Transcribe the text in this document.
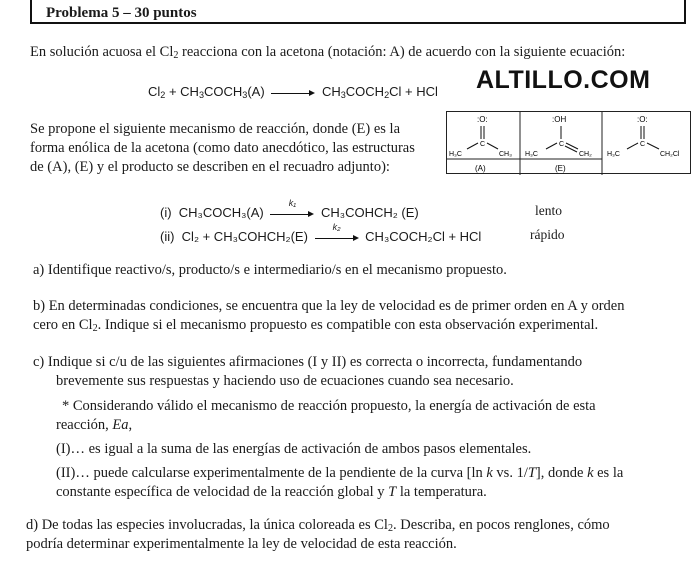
Problema 5 – 30 puntos
En solución acuosa el $Cl_2$ reacciona con la acetona (notación: A) de acuerdo con la siguiente ecuación:
ALTILLO.COM
$Cl_2$ + $CH_3COCH_3(A)$	$CH_3COCH_2Cl$ + HCl
Se propone el siguiente mecanismo de reacción, donde (E) es la
forma enólica de la acetona (como dato anecdótico, las estructuras
de (A), (E) y el producto se describen en el recuadro adjunto):
:O:
C
H₃C	CH₃
(A)
:OH
C
H₃C	CH₂
(E)
:O:
C
H₃C	CH₂Cl
(i) CH₃COCH₃(A)
k₁
CH₃COHCH₂ (E)	lento
(ii) Cl₂ + CH₃COHCH₂(E)
k₂
CH₃COCH₂Cl + HCl	rápido
a) Identifique reactivo/s, producto/s e intermediario/s en el mecanismo propuesto.
b) En determinadas condiciones, se encuentra que la ley de velocidad es de primer orden en A y orden
cero en $Cl_2$. Indique si el mecanismo propuesto es compatible con esta observación experimental.
c) Indique si c/u de las siguientes afirmaciones (I y II) es correcta o incorrecta, fundamentando
brevemente sus respuestas y haciendo uso de ecuaciones cuando sea necesario.
* Considerando válido el mecanismo de reacción propuesto, la energía de activación de esta
reacción, Ea,
(I)… es igual a la suma de las energías de activación de ambos pasos elementales.
(II)… puede calcularse experimentalmente de la pendiente de la curva [ln k vs. 1/T], donde k es la
constante específica de velocidad de la reacción global y T la temperatura.
d) De todas las especies involucradas, la única coloreada es $Cl_2$. Describa, en pocos renglones, cómo
podría determinar experimentalmente la ley de velocidad de esta reacción.
